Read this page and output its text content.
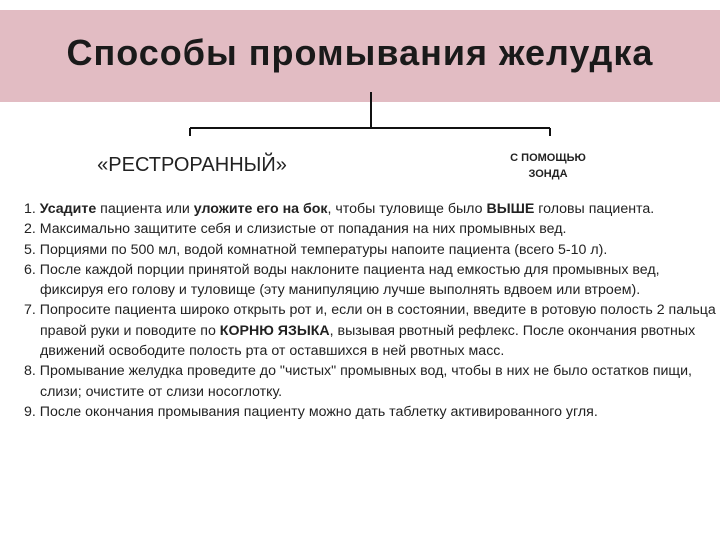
Способы промывания желудка
«РЕСТРОРАННЫЙ»	С ПОМОЩЬЮ
ЗОНДА
1. Усадите пациента или уложите его на бок, чтобы туловище было ВЫШЕ головы пациента.
2. Максимально защитите себя и слизистые от попадания на них промывных вед.
5. Порциями по 500 мл, водой комнатной температуры напоите пациента (всего 5-10 л).
6. После каждой порции принятой воды наклоните пациента над емкостью для промывных вед, фиксируя его голову и туловище (эту манипуляцию лучше выполнять вдвоем или втроем).
7. Попросите пациента широко открыть рот и, если он в состоянии, введите в ротовую полость 2 пальца правой руки и поводите по КОРНЮ ЯЗЫКА, вызывая рвотный рефлекс. После окончания рвотных движений освободите полость рта от оставшихся в ней рвотных масс.
8. Промывание желудка проведите до "чистых" промывных вод, чтобы в них не было остатков пищи, слизи; очистите от слизи носоглотку.
9. После окончания промывания пациенту можно дать таблетку активированного угля.
